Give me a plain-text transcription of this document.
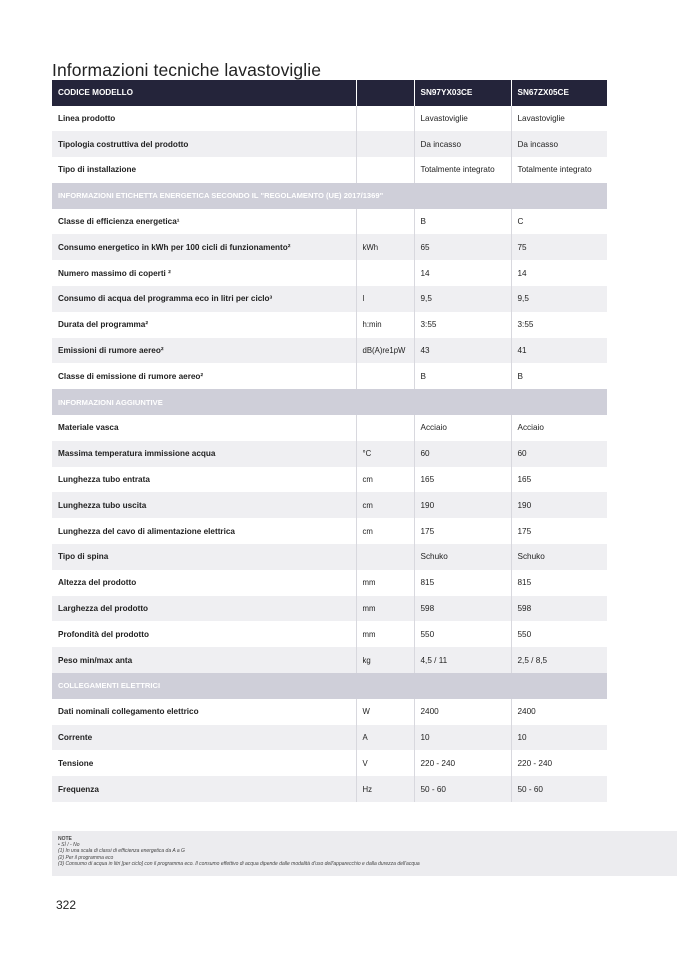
Informazioni tecniche lavastoviglie
CODICE MODELLO		SN97YX03CE	SN67ZX05CE
Linea prodotto		Lavastoviglie	Lavastoviglie
Tipologia costruttiva del prodotto		Da incasso	Da incasso
Tipo di installazione		Totalmente integrato	Totalmente integrato
INFORMAZIONI ETICHETTA ENERGETICA SECONDO IL "REGOLAMENTO (UE) 2017/1369"			
Classe di efficienza energetica¹		B	C
Consumo energetico in kWh per 100 cicli di funzionamento²	kWh	65	75
Numero massimo di coperti ²		14	14
Consumo di acqua del programma eco in litri per ciclo³	l	9,5	9,5
Durata del programma²	h:min	3:55	3:55
Emissioni di rumore aereo²	dB(A)re1pW	43	41
Classe di emissione di rumore aereo²		B	B
INFORMAZIONI AGGIUNTIVE			
Materiale vasca		Acciaio	Acciaio
Massima temperatura immissione acqua	°C	60	60
Lunghezza tubo entrata	cm	165	165
Lunghezza tubo uscita	cm	190	190
Lunghezza del cavo di alimentazione elettrica	cm	175	175
Tipo di spina		Schuko	Schuko
Altezza del prodotto	mm	815	815
Larghezza del prodotto	mm	598	598
Profondità del prodotto	mm	550	550
Peso min/max anta	kg	4,5 / 11	2,5 / 8,5
COLLEGAMENTI ELETTRICI			
Dati nominali collegamento elettrico	W	2400	2400
Corrente	A	10	10
Tensione	V	220 - 240	220 - 240
Frequenza	Hz	50 - 60	50 - 60
NOTE
• SÌ / - No
(1) In una scala di classi di efficienza energetica da A a G
(2) Per il programma eco
(3) Consumo di acqua in litri [per ciclo] con il programma eco. Il consumo effettivo di acqua dipende dalle modalità d'uso dell'apparecchio e dalla durezza dell'acqua
322
